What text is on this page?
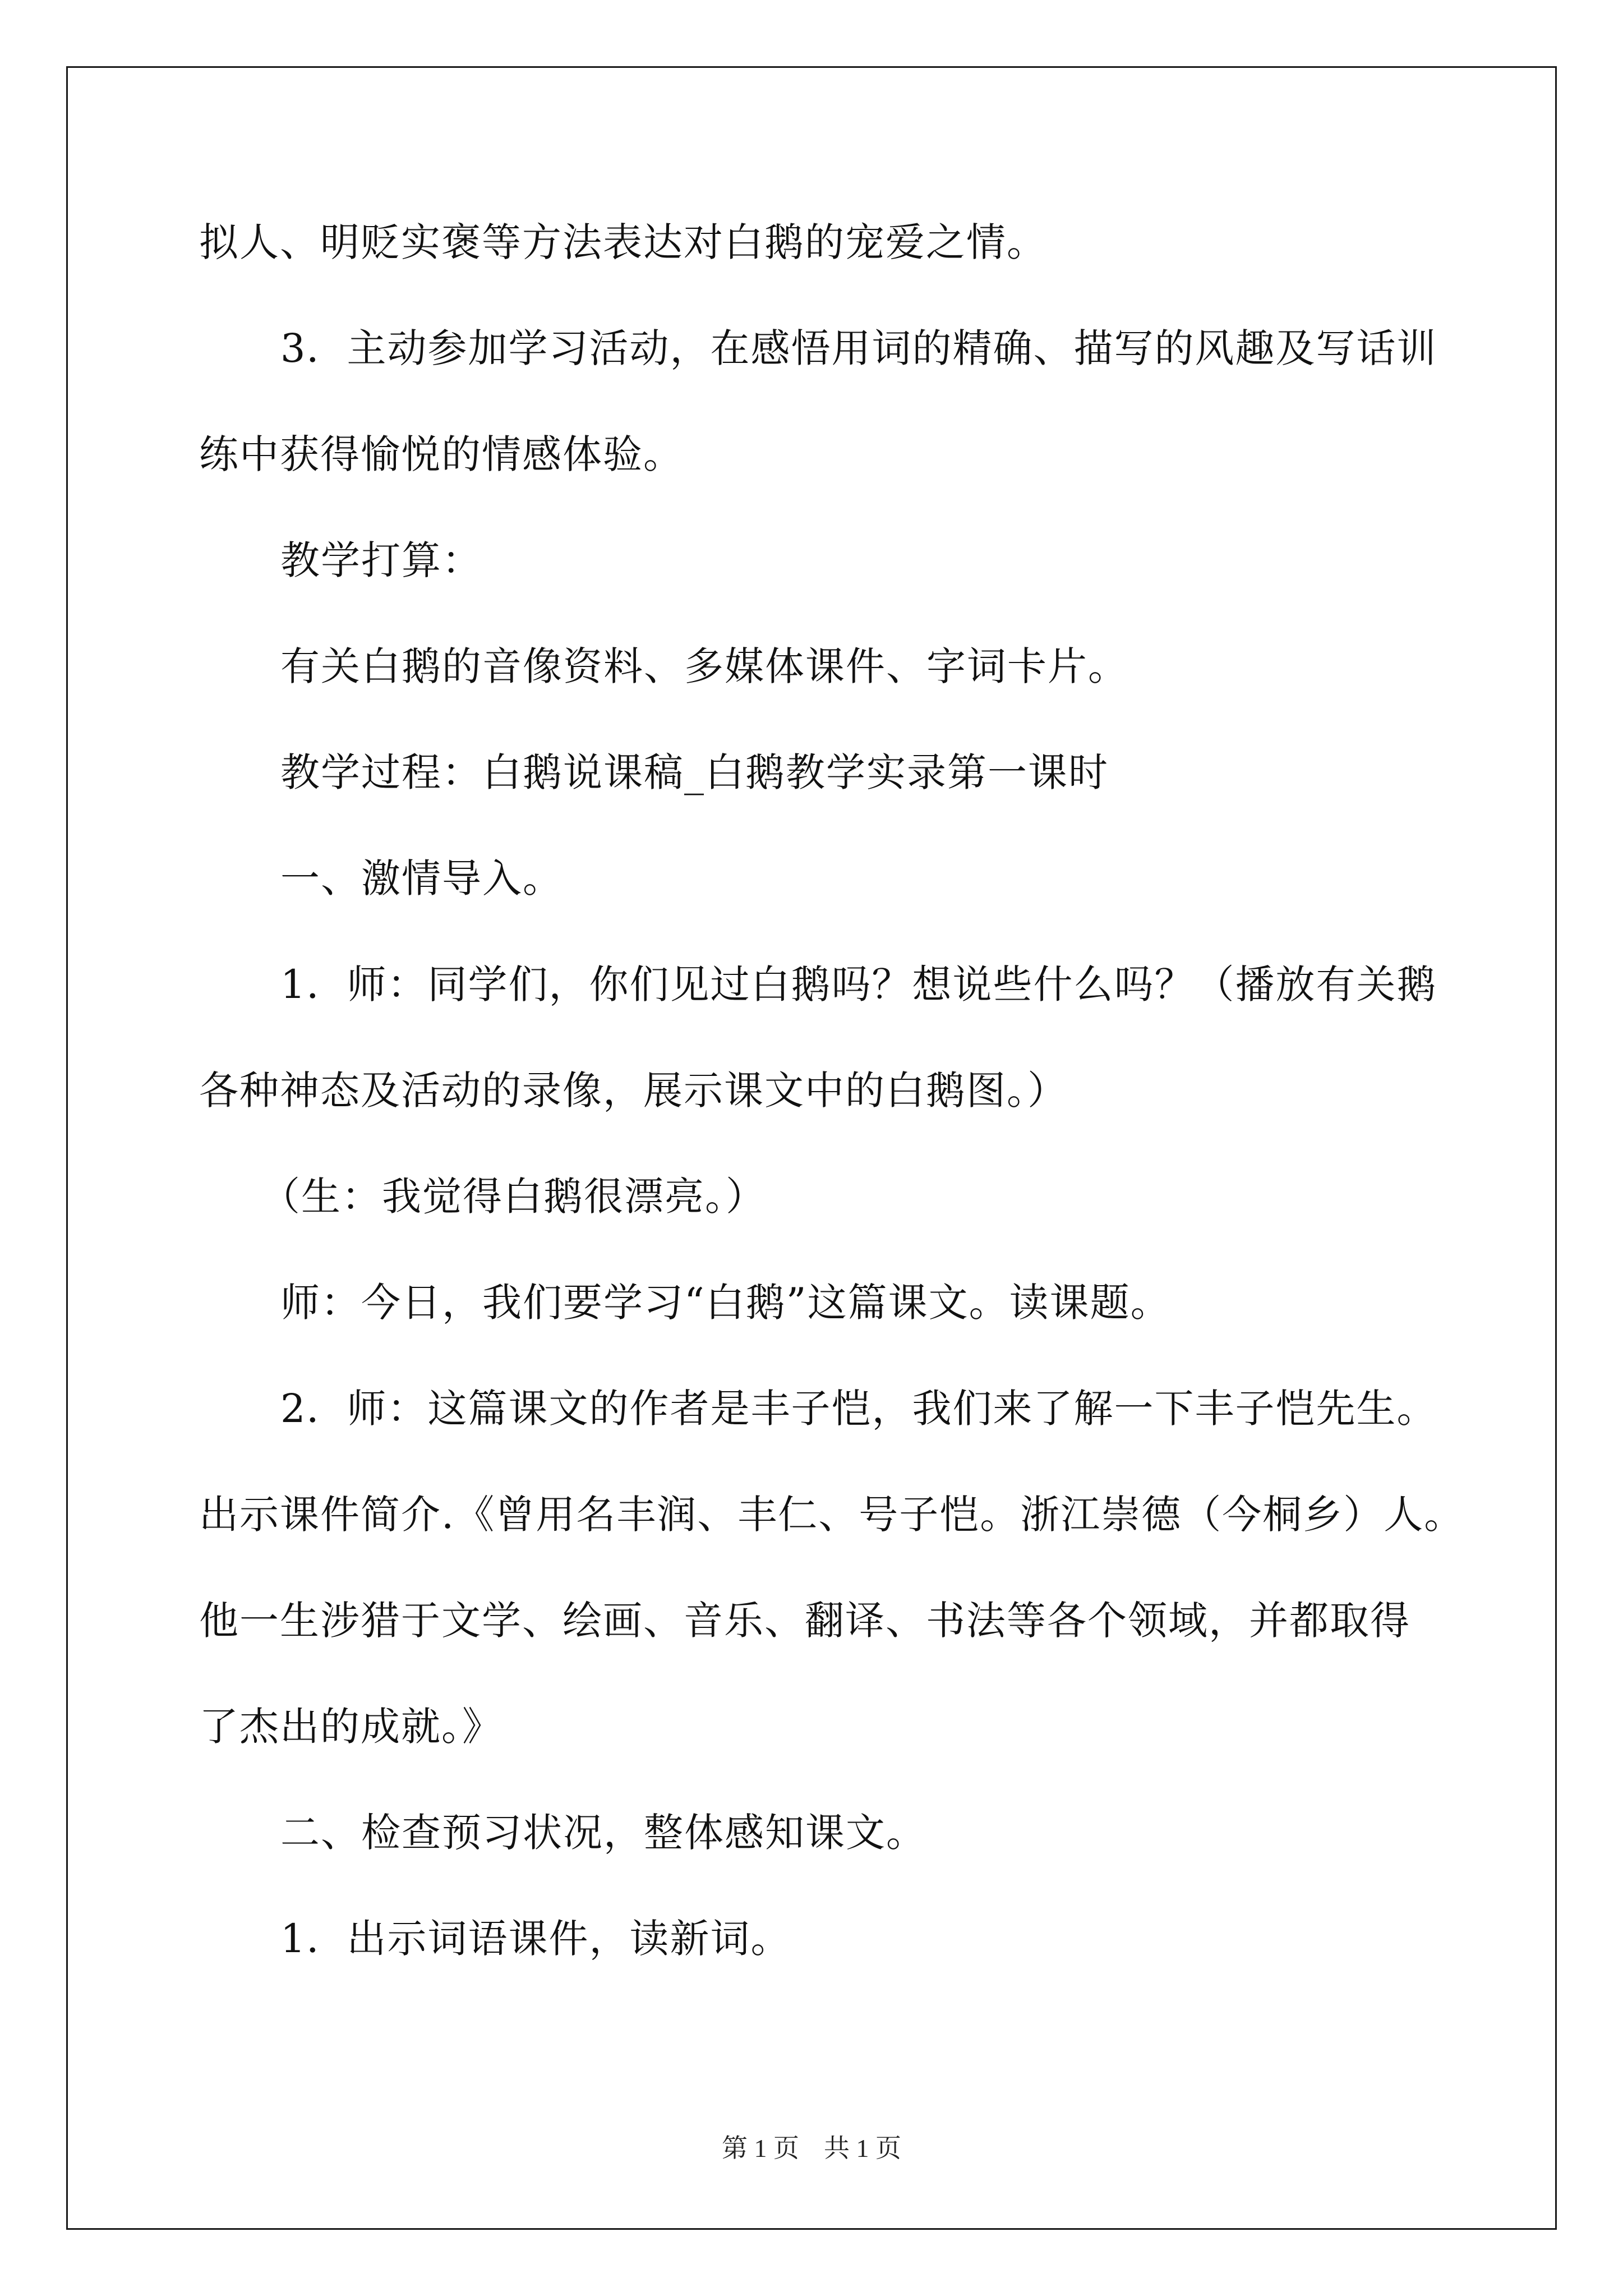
拟人、明贬实褒等方法表达对白鹅的宠爱之情。

3．主动参加学习活动，在感悟用词的精确、描写的风趣及写话训

练中获得愉悦的情感体验。

教学打算：

有关白鹅的音像资料、多媒体课件、字词卡片。

教学过程：白鹅说课稿_白鹅教学实录第一课时

一、激情导入。

1．师：同学们，你们见过白鹅吗？想说些什么吗？（播放有关鹅

各种神态及活动的录像，展示课文中的白鹅图。）

（生：我觉得白鹅很漂亮。）

师：今日，我们要学习“白鹅”这篇课文。读课题。

2．师：这篇课文的作者是丰子恺，我们来了解一下丰子恺先生。

出示课件简介.《曾用名丰润、丰仁、号子恺。浙江崇德（今桐乡）人。

他一生涉猎于文学、绘画、音乐、翻译、书法等各个领域，并都取得

了杰出的成就。》

二、检查预习状况，整体感知课文。

1．出示词语课件，读新词。

第 1 页 共 1 页
